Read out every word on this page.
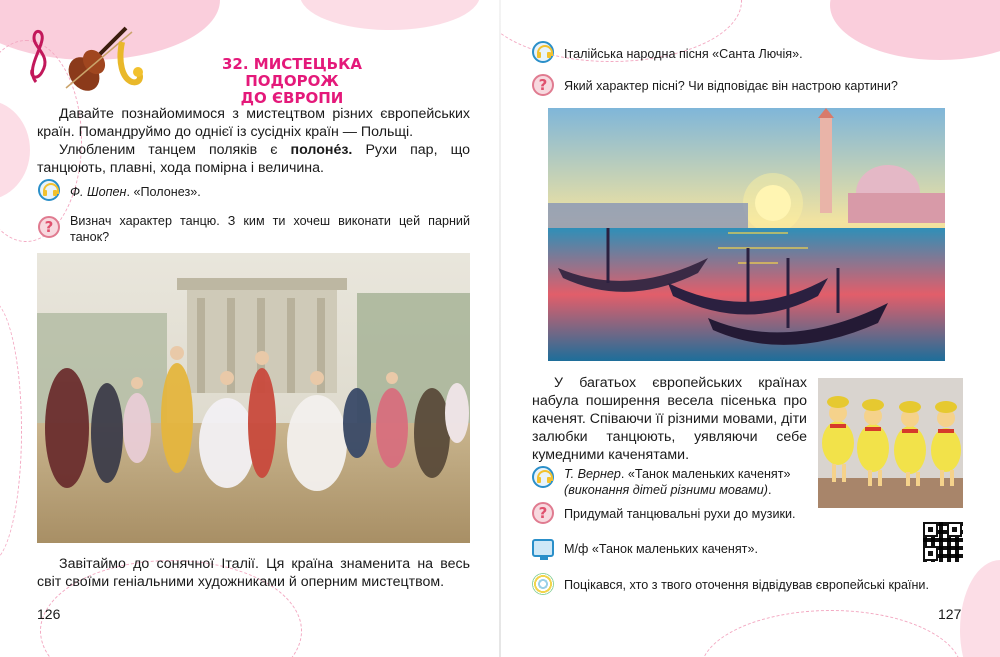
32. МИСТЕЦЬКА ПОДОРОЖ
ДО ЄВРОПИ

Давайте познайомимося з мистецтвом різних європейських країн. Помандруймо до однієї із сусідніх країн — Польщі.

Улюбленим танцем поляків є полоне́з. Рухи пар, що танцюють, плавні, хода помірна і величина.

Ф. Шопен. «Полонез».
?	Визнач характер танцю. З ким ти хочеш виконати цей парний танок?

Завітаймо до сонячної Італії. Ця країна знаменита на весь світ своїми геніальними художниками й оперним мистецтвом.

126
Італійська народна пісня «Санта Лючія».
?	Який характер пісні? Чи відповідає він настрою картини?

У багатьох європейських країнах набула поширення весела пісенька про каченят. Співаючи її різними мовами, діти залюбки танцюють, уявляючи себе кумедними каченятами.

Т. Вернер. «Танок маленьких каченят» (виконання дітей різними мовами).
?	Придумай танцювальні рухи до музики.
М/ф «Танок маленьких каченят».
Поцікався, хто з твого оточення відвідував європейські країни.
127
